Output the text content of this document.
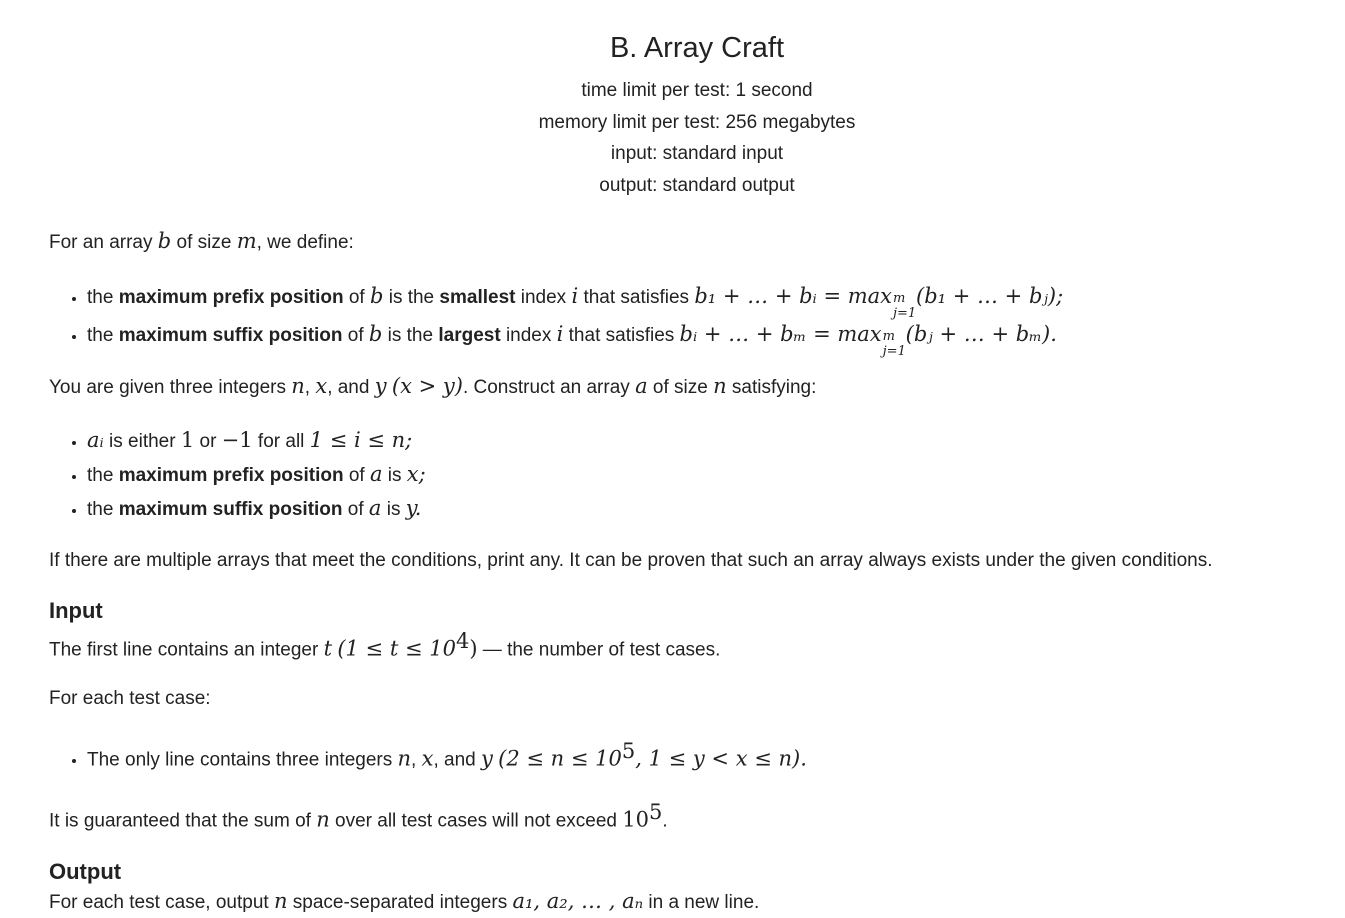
B. Array Craft
time limit per test: 1 second
memory limit per test: 256 megabytes
input: standard input
output: standard output

For an array b of size m, we define:

• the maximum prefix position of b is the smallest index i that satisfies b₁ + … + bᵢ = max m
j=1
(b₁ + … + bⱼ);
• the maximum suffix position of b is the largest index i that satisfies bᵢ + … + bₘ = max m
j=1
(bⱼ + … + bₘ).

You are given three integers n, x, and y (x > y). Construct an array a of size n satisfying:

• aᵢ is either 1 or −1 for all 1 ≤ i ≤ n;
• the maximum prefix position of a is x;
• the maximum suffix position of a is y.

If there are multiple arrays that meet the conditions, print any. It can be proven that such an array always exists under the given conditions.

Input

The first line contains an integer t $(1 \le t \le 10^4)$ — the number of test cases.

For each test case:

• The only line contains three integers n, x, and y ($2 \le n \le 10^5$, 1 ≤ y < x ≤ n).

It is guaranteed that the sum of n over all test cases will not exceed $10^5$.

Output

For each test case, output n space-separated integers a₁, a₂, … , aₙ in a new line.
